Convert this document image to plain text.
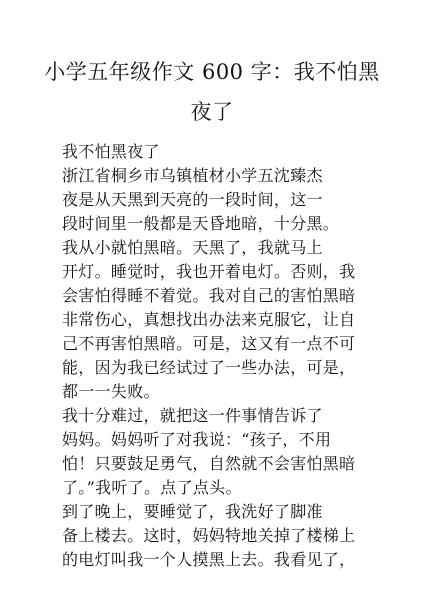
小学五年级作文 600 字：我不怕黑
夜了
我不怕黑夜了
浙江省桐乡市乌镇植材小学五沈臻杰
夜是从天黑到天亮的一段时间，这一
段时间里一般都是天昏地暗，十分黑。
我从小就怕黑暗。天黑了，我就马上
开灯。睡觉时，我也开着电灯。否则，我
会害怕得睡不着觉。我对自己的害怕黑暗
非常伤心，真想找出办法来克服它，让自
己不再害怕黑暗。可是，这又有一点不可
能，因为我已经试过了一些办法，可是，
都一一失败。
我十分难过，就把这一件事情告诉了
妈妈。妈妈听了对我说：“孩子，不用
怕！只要鼓足勇气，自然就不会害怕黑暗
了。”我听了。点了点头。
到了晚上，要睡觉了，我洗好了脚准
备上楼去。这时，妈妈特地关掉了楼梯上
的电灯叫我一个人摸黑上去。我看见了，
